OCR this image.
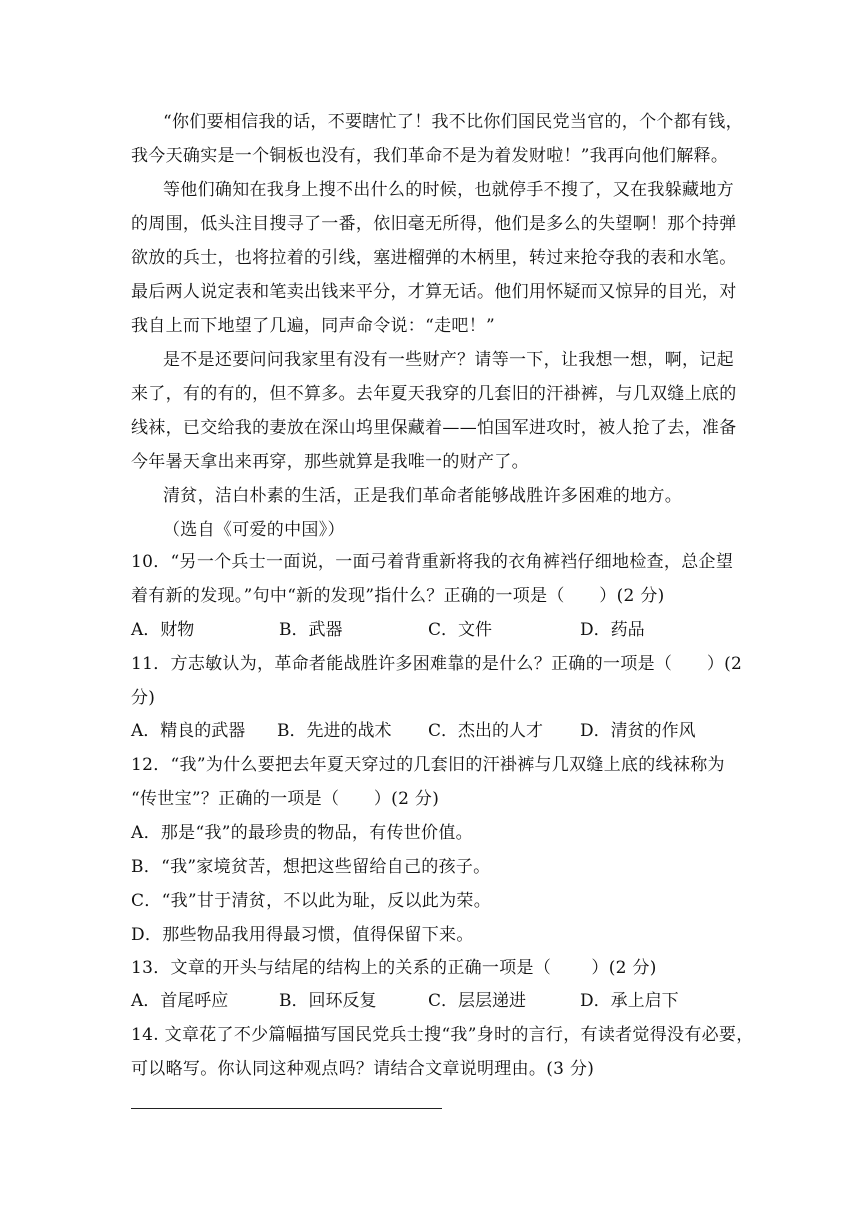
“你们要相信我的话，不要瞎忙了！我不比你们国民党当官的，个个都有钱，
我今天确实是一个铜板也没有，我们革命不是为着发财啦！”我再向他们解释。
等他们确知在我身上搜不出什么的时候，也就停手不搜了，又在我躲藏地方
的周围，低头注目搜寻了一番，依旧毫无所得，他们是多么的失望啊！那个持弹
欲放的兵士，也将拉着的引线，塞进榴弹的木柄里，转过来抢夺我的表和水笔。
最后两人说定表和笔卖出钱来平分，才算无话。他们用怀疑而又惊异的目光，对
我自上而下地望了几遍，同声命令说：“走吧！”
是不是还要问问我家里有没有一些财产？请等一下，让我想一想，啊，记起
来了，有的有的，但不算多。去年夏天我穿的几套旧的汗褂裤，与几双缝上底的
线袜，已交给我的妻放在深山坞里保藏着——怕国军进攻时，被人抢了去，准备
今年暑天拿出来再穿，那些就算是我唯一的财产了。
清贫，洁白朴素的生活，正是我们革命者能够战胜许多困难的地方。
（选自《可爱的中国》）
10．“另一个兵士一面说，一面弓着背重新将我的衣角裤裆仔细地检查，总企望
着有新的发现。”句中“新的发现”指什么？正确的一项是（　　）(2 分)
A．财物	B．武器	C．文件	D．药品
11．方志敏认为，革命者能战胜许多困难靠的是什么？正确的一项是（　　）(2
分)
A．精良的武器 B．先进的战术 C．杰出的人才 D．清贫的作风
12．“我”为什么要把去年夏天穿过的几套旧的汗褂裤与几双缝上底的线袜称为
“传世宝”？正确的一项是（　　）(2 分)
A．那是“我”的最珍贵的物品，有传世价值。
B．“我”家境贫苦，想把这些留给自己的孩子。
C．“我”甘于清贫，不以此为耻，反以此为荣。
D．那些物品我用得最习惯，值得保留下来。
13．文章的开头与结尾的结构上的关系的正确一项是（　　 ）(2 分)
A．首尾呼应	B．回环反复	C．层层递进	D．承上启下
14. 文章花了不少篇幅描写国民党兵士搜“我”身时的言行，有读者觉得没有必要，
可以略写。你认同这种观点吗？请结合文章说明理由。(3 分)
